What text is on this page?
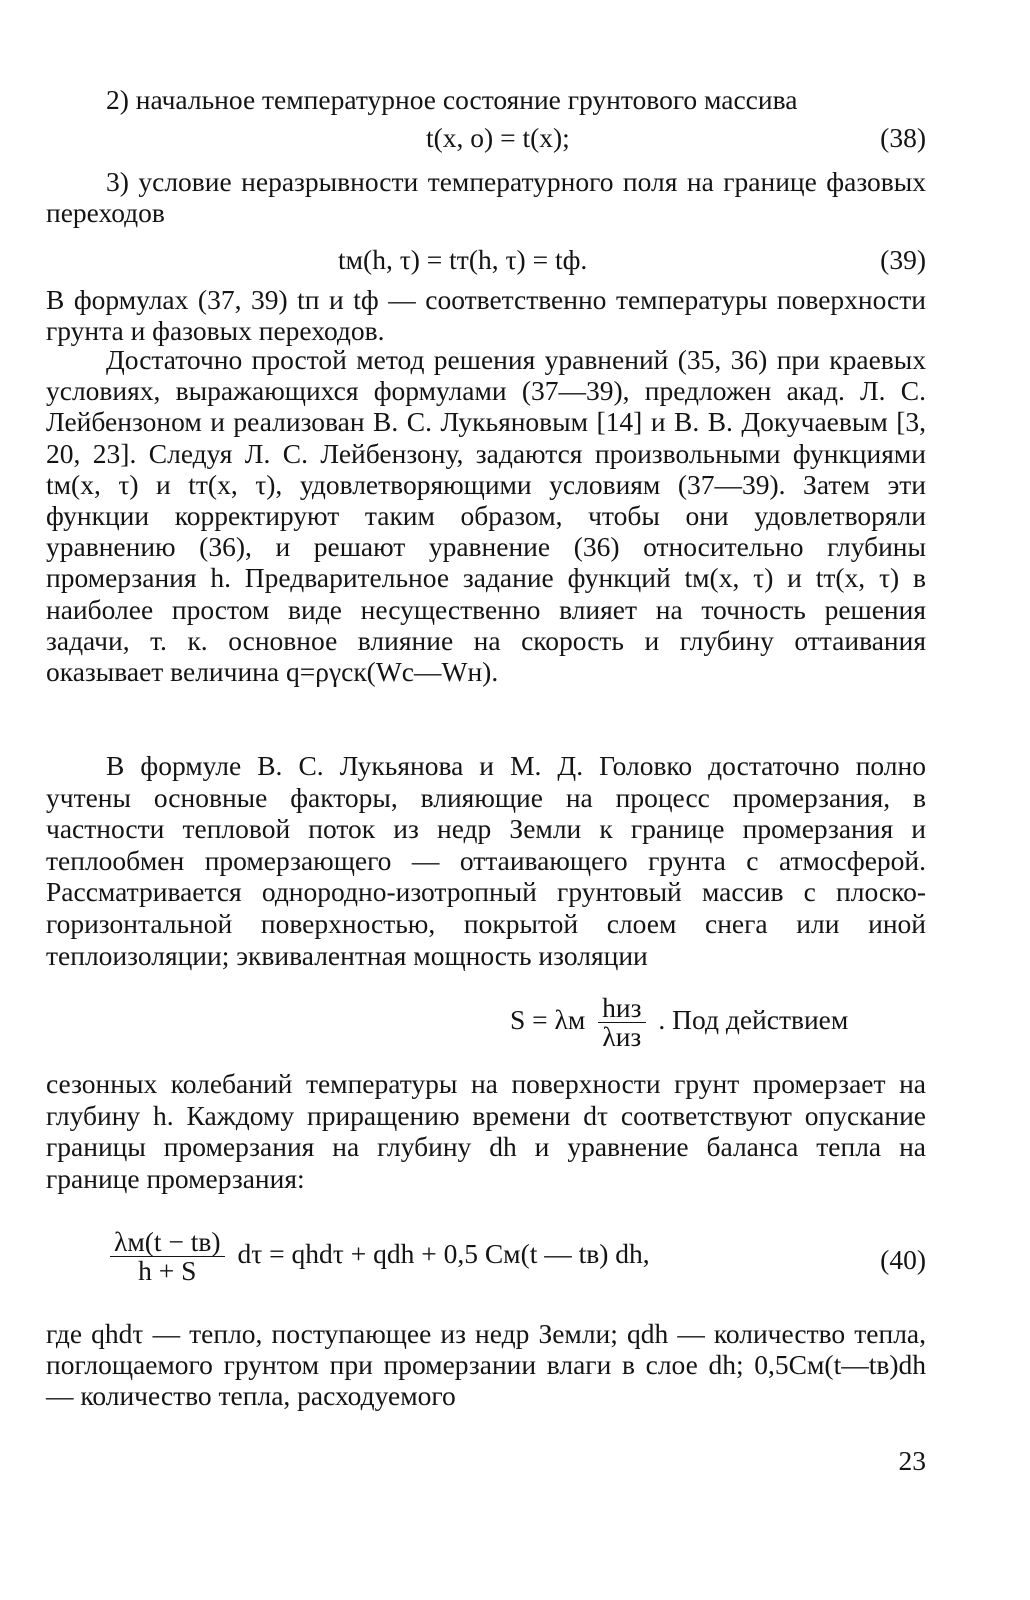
2) начальное температурное состояние грунтового массива

t(x, o) = t(x);	(38)

3) условие неразрывности температурного поля на границе фазовых переходов

tм(h, τ) = tт(h, τ) = tф.	(39)

В формулах (37, 39) tп и tф — соответственно температуры поверхности грунта и фазовых переходов.

Достаточно простой метод решения уравнений (35, 36) при краевых условиях, выражающихся формулами (37—39), предложен акад. Л. С. Лейбензоном и реализован В. С. Лукьяновым [14] и В. В. Докучаевым [3, 20, 23]. Следуя Л. С. Лейбензону, задаются произвольными функциями tм(x, τ) и tт(x, τ), удовлетворяющими условиям (37—39). Затем эти функции корректируют таким образом, чтобы они удовлетворяли уравнению (36), и решают уравнение (36) относительно глубины промерзания h. Предварительное задание функций tм(x, τ) и tт(x, τ) в наиболее простом виде несущественно влияет на точность решения задачи, т. к. основное влияние на скорость и глубину оттаивания оказывает величина q=ργск(Wc—Wн).

В формуле В. С. Лукьянова и М. Д. Головко достаточно полно учтены основные факторы, влияющие на процесс промерзания, в частности тепловой поток из недр Земли к границе промерзания и теплообмен промерзающего — оттаивающего грунта с атмосферой. Рассматривается однородно-изотропный грунтовый массив с плоско-горизонтальной поверхностью, покрытой слоем снега или иной теплоизоляции; эквивалентная мощность изоляции

S = λм $\frac{\text{hиз}}{\text{λиз}}$ . Под действием

сезонных колебаний температуры на поверхности грунт промерзает на глубину h. Каждому приращению времени dτ соответствуют опускание границы промерзания на глубину dh и уравнение баланса тепла на границе промерзания:

$\frac{\lambda м(t - tв)}{h + S}$ dτ = qhdτ + qdh + 0,5 Cм(t — tв) dh,	(40)

где qhdτ — тепло, поступающее из недр Земли; qdh — количество тепла, поглощаемого грунтом при промерзании влаги в слое dh; 0,5Cм(t—tв)dh — количество тепла, расходуемого

23
